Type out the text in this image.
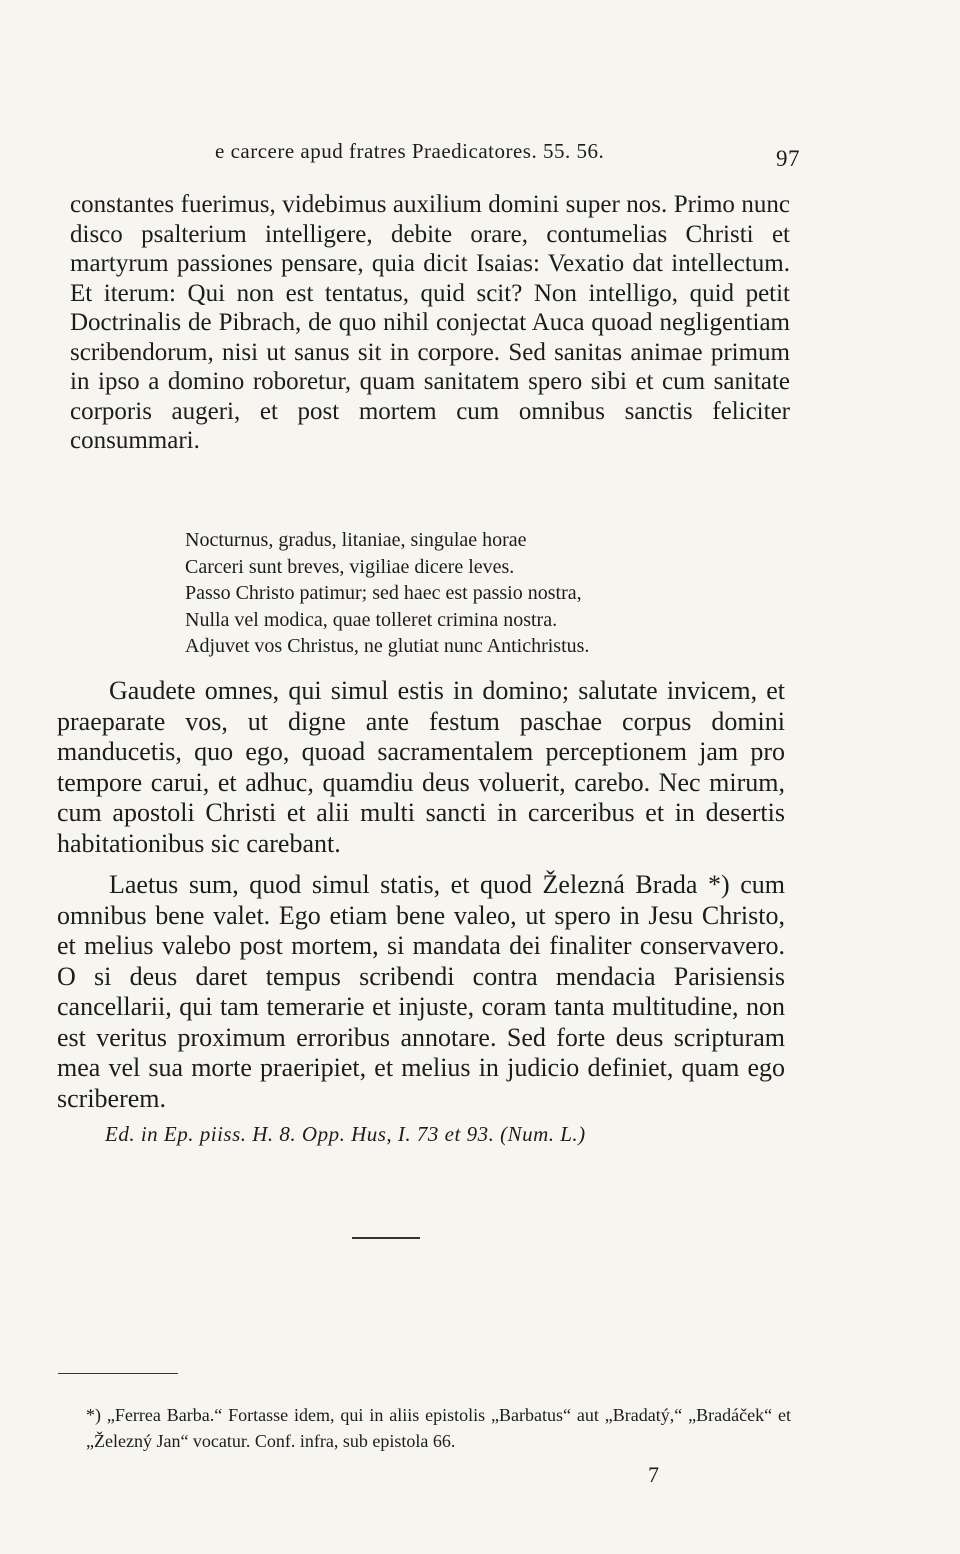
e carcere apud fratres Praedicatores. 55. 56.	97

constantes fuerimus, videbimus auxilium domini super nos. Primo nunc disco psalterium intelligere, debite orare, contumelias Christi et martyrum passiones pensare, quia dicit Isaias: Vexatio dat intellectum. Et iterum: Qui non est tentatus, quid scit? Non intelligo, quid petit Doctrinalis de Pibrach, de quo nihil conjectat Auca quoad negligentiam scribendorum, nisi ut sanus sit in corpore. Sed sanitas animae primum in ipso a domino roboretur, quam sanitatem spero sibi et cum sanitate corporis augeri, et post mortem cum omnibus sanctis feliciter consummari.

Nocturnus, gradus, litaniae, singulae horae
Carceri sunt breves, vigiliae dicere leves.
Passo Christo patimur; sed haec est passio nostra,
Nulla vel modica, quae tolleret crimina nostra.
Adjuvet vos Christus, ne glutiat nunc Antichristus.

Gaudete omnes, qui simul estis in domino; salutate invicem, et praeparate vos, ut digne ante festum paschae corpus domini manducetis, quo ego, quoad sacramentalem perceptionem jam pro tempore carui, et adhuc, quamdiu deus voluerit, carebo. Nec mirum, cum apostoli Christi et alii multi sancti in carceribus et in desertis habitationibus sic carebant.

Laetus sum, quod simul statis, et quod Železná Brada *) cum omnibus bene valet. Ego etiam bene valeo, ut spero in Jesu Christo, et melius valebo post mortem, si mandata dei finaliter conservavero. O si deus daret tempus scribendi contra mendacia Parisiensis cancellarii, qui tam temerarie et injuste, coram tanta multitudine, non est veritus proximum erroribus annotare. Sed forte deus scripturam mea vel sua morte praeripiet, et melius in judicio definiet, quam ego scriberem.

Ed. in Ep. piiss. H. 8. Opp. Hus, I. 73 et 93. (Num. L.)
*) „Ferrea Barba.“ Fortasse idem, qui in aliis epistolis „Barbatus“ aut „Bradatý,“ „Bradáček“ et „Železný Jan“ vocatur. Conf. infra, sub epistola 66.
7
